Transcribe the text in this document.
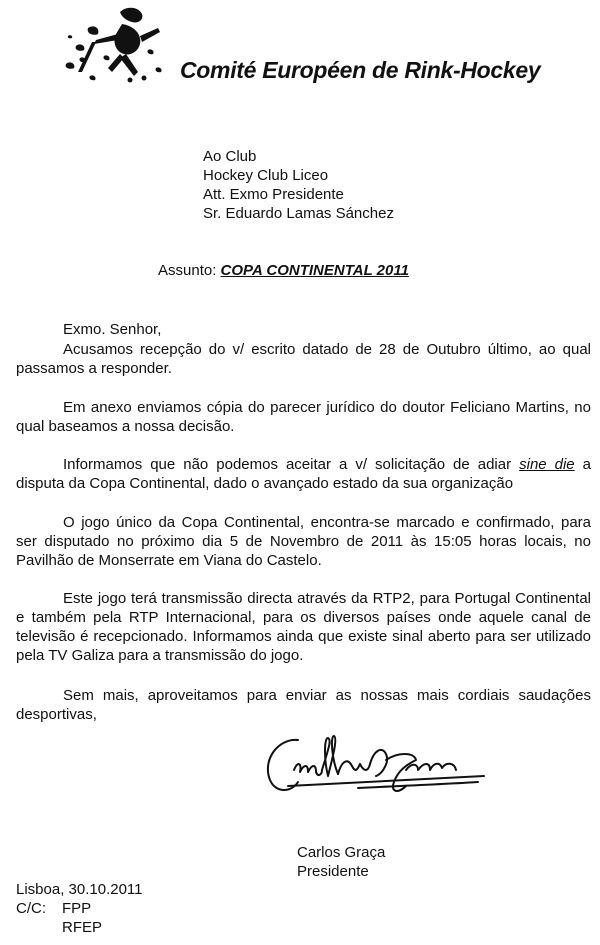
Comité Européen de Rink-Hockey
Ao Club
Hockey Club Liceo
Att. Exmo Presidente
Sr. Eduardo Lamas Sánchez
Assunto: COPA CONTINENTAL 2011
Exmo. Senhor,
Acusamos recepção do v/ escrito datado de 28 de Outubro último, ao qual passamos a responder.
Em anexo enviamos cópia do parecer jurídico do doutor Feliciano Martins, no qual baseamos a nossa decisão.
Informamos que não podemos aceitar a v/ solicitação de adiar sine die a disputa da Copa Continental, dado o avançado estado da sua organização
O jogo único da Copa Continental, encontra-se marcado e confirmado, para ser disputado no próximo dia 5 de Novembro de 2011 às 15:05 horas locais, no Pavilhão de Monserrate em Viana do Castelo.
Este jogo terá transmissão directa através da RTP2, para Portugal Continental e também pela RTP Internacional, para os diversos países onde aquele canal de televisão é recepcionado. Informamos ainda que existe sinal aberto para ser utilizado pela TV Galiza para a transmissão do jogo.
Sem mais, aproveitamos para enviar as nossas mais cordiais saudações desportivas,
Carlos Graça
Presidente
Lisboa, 30.10.2011
C/C:	FPP
RFEP
